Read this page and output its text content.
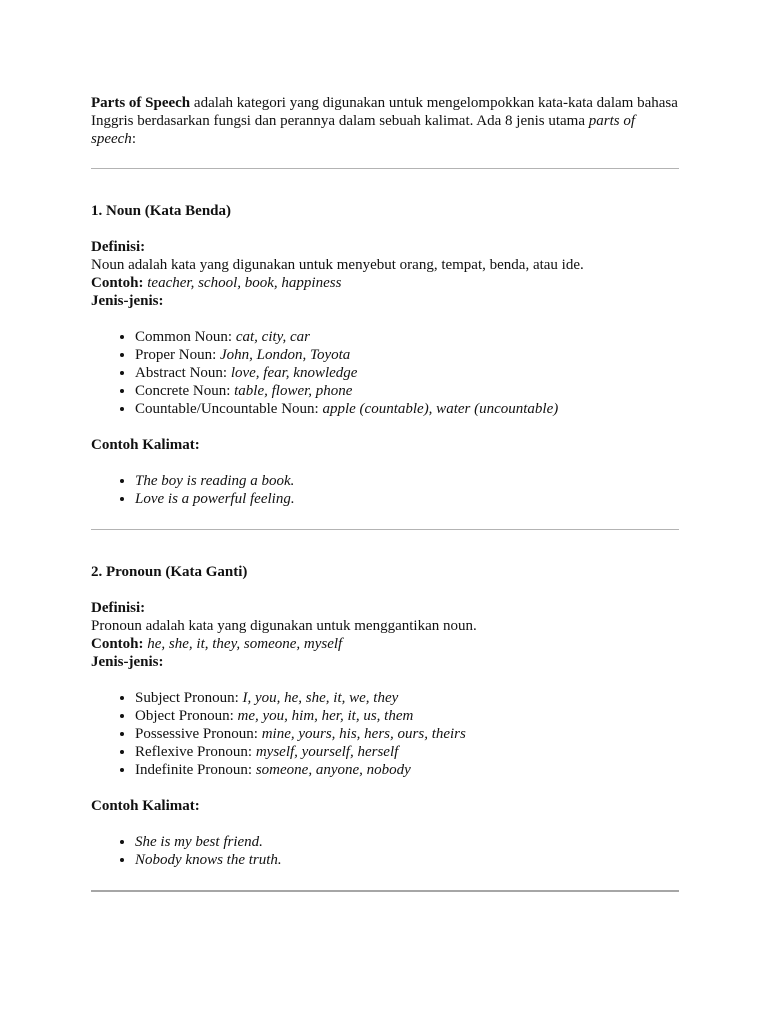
Parts of Speech adalah kategori yang digunakan untuk mengelompokkan kata-kata dalam bahasa Inggris berdasarkan fungsi dan perannya dalam sebuah kalimat. Ada 8 jenis utama parts of speech:

1. Noun (Kata Benda)

Definisi:

Noun adalah kata yang digunakan untuk menyebut orang, tempat, benda, atau ide.

Contoh: teacher, school, book, happiness

Jenis-jenis:

• Common Noun: cat, city, car
• Proper Noun: John, London, Toyota
• Abstract Noun: love, fear, knowledge
• Concrete Noun: table, flower, phone
• Countable/Uncountable Noun: apple (countable), water (uncountable)

Contoh Kalimat:

• The boy is reading a book.
• Love is a powerful feeling.

2. Pronoun (Kata Ganti)

Definisi:

Pronoun adalah kata yang digunakan untuk menggantikan noun.

Contoh: he, she, it, they, someone, myself

Jenis-jenis:

• Subject Pronoun: I, you, he, she, it, we, they
• Object Pronoun: me, you, him, her, it, us, them
• Possessive Pronoun: mine, yours, his, hers, ours, theirs
• Reflexive Pronoun: myself, yourself, herself
• Indefinite Pronoun: someone, anyone, nobody

Contoh Kalimat:

• She is my best friend.
• Nobody knows the truth.
